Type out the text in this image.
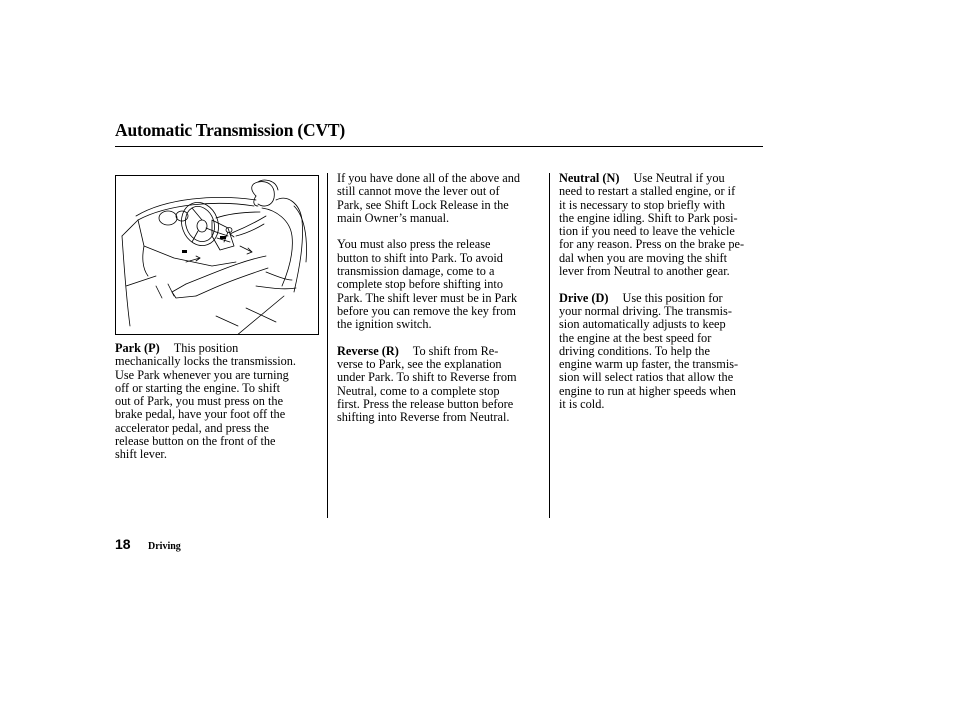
Automatic Transmission (CVT)
Park (P) This position
mechanically locks the transmission.
Use Park whenever you are turning
off or starting the engine. To shift
out of Park, you must press on the
brake pedal, have your foot off the
accelerator pedal, and press the
release button on the front of the
shift lever.

If you have done all of the above and
still cannot move the lever out of
Park, see Shift Lock Release in the
main Owner’s manual.

You must also press the release
button to shift into Park. To avoid
transmission damage, come to a
complete stop before shifting into
Park. The shift lever must be in Park
before you can remove the key from
the ignition switch.

Reverse (R) To shift from Re-
verse to Park, see the explanation
under Park. To shift to Reverse from
Neutral, come to a complete stop
first. Press the release button before
shifting into Reverse from Neutral.

Neutral (N) Use Neutral if you
need to restart a stalled engine, or if
it is necessary to stop briefly with
the engine idling. Shift to Park posi-
tion if you need to leave the vehicle
for any reason. Press on the brake pe-
dal when you are moving the shift
lever from Neutral to another gear.

Drive (D) Use this position for
your normal driving. The transmis-
sion automatically adjusts to keep
the engine at the best speed for
driving conditions. To help the
engine warm up faster, the transmis-
sion will select ratios that allow the
engine to run at higher speeds when
it is cold.

18 Driving
